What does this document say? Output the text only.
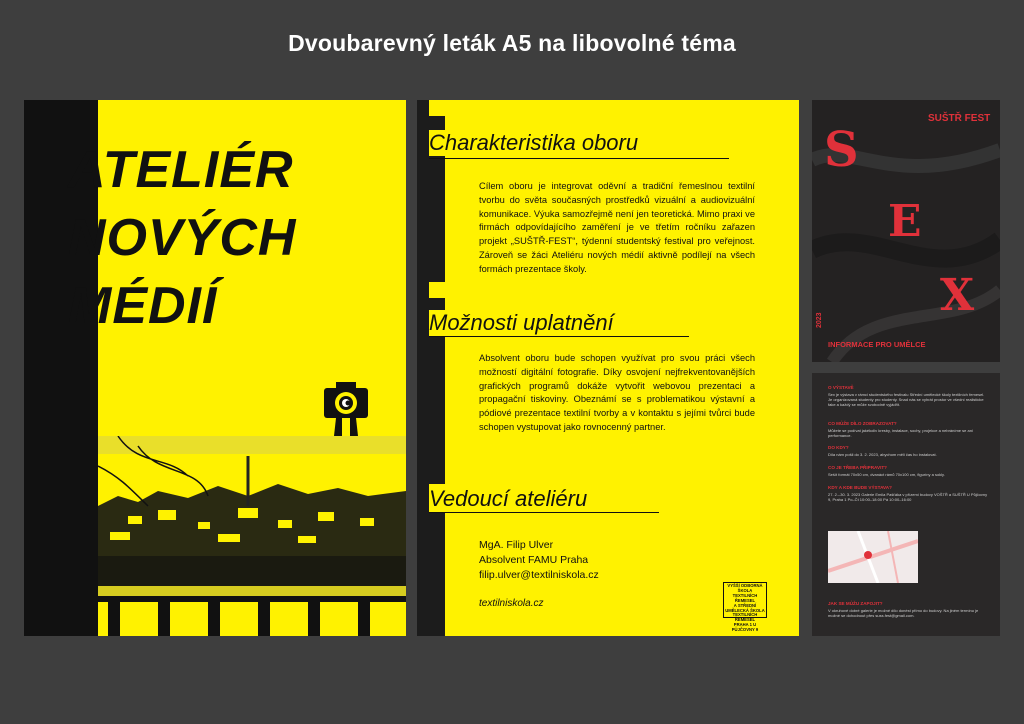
Dvoubarevný leták A5 na libovolné téma
ATELIÉR
NOVÝCH
MÉDIÍ
Charakteristika oboru
Cílem oboru je integrovat oděvní a tradiční řemeslnou textilní tvorbu do světa současných prostředků vizuální a audiovizuální komunikace. Výuka samozřejmě není jen teoretická. Mimo praxi ve firmách odpovídajícího zaměření je ve třetím ročníku zařazen projekt „SUŠTŘ-FEST“, týdenní studentský festival pro veřejnost. Zároveň se žáci Ateliéru nových médií aktivně podílejí na všech formách prezentace školy.
Možnosti uplatnění
Absolvent oboru bude schopen využívat pro svou práci všech možností digitální fotografie. Díky osvojení nejfrekventovanějších grafických programů dokáže vytvořit webovou prezentaci a propagační tiskoviny. Obeznámí se s problematikou výstavní a pódiové prezentace textilní tvorby a v kontaktu s jejími tvůrci bude schopen vystupovat jako rovnocenný partner.
Vedoucí ateliéru
MgA. Filip Ulver
Absolvent FAMU Praha
filip.ulver@textilniskola.cz
textilniskola.cz
VYŠŠÍ ODBORNÁ ŠKOLA
TEXTILNÍCH ŘEMESEL
A STŘEDNÍ UMĚLECKÁ ŠKOLA
TEXTILNÍCH ŘEMESEL
PRAHA 1 U PŮJČOVNY 9
SUŠTŘ FEST
S
E
X
2023
INFORMACE PRO UMĚLCE
O VÝSTAVĚ
Sex je výstava v rámci studentského festivalu Střední umělecké školy textilních řemesel. Je organizovaná studenty pro studenty. Snad nás se vyhrát prostor ve všední realisticke fake a každý se může svobodně vyjádřit.
CO MŮŽE DÍLO ZOBRAZOVAT?
Můžete se podívat jakékoliv kresby, instalace, sochy, projekce a nebráníme se ani performance.
DO KDY?
Díla nám pošli do 3. 2. 2023, abychom měli čas ho instalovat.
CO JE TŘEBA PŘIPRAVIT?
Sešít formát 70x50 cm, dvanáct rámů 70x100 cm, figuríny a sokly.
KDY A KDE BUDE VÝSTAVA?
27. 2.–30. 3. 2023 Galerie Emila Pašťáka v přízemí budovy VOŠTŘ a SUŠTŘ U Půjčovny 9, Praha 1 Po–Čt 10:00–18:00 Pá 10:00–16:00
JAK SE MŮŽU ZAPOJIT?
V okruhové dobré galerie je možné dílo donést přímo do budovy. Na jiném termínu je možné se dohodnout přes suss.fest@gmail.com.
